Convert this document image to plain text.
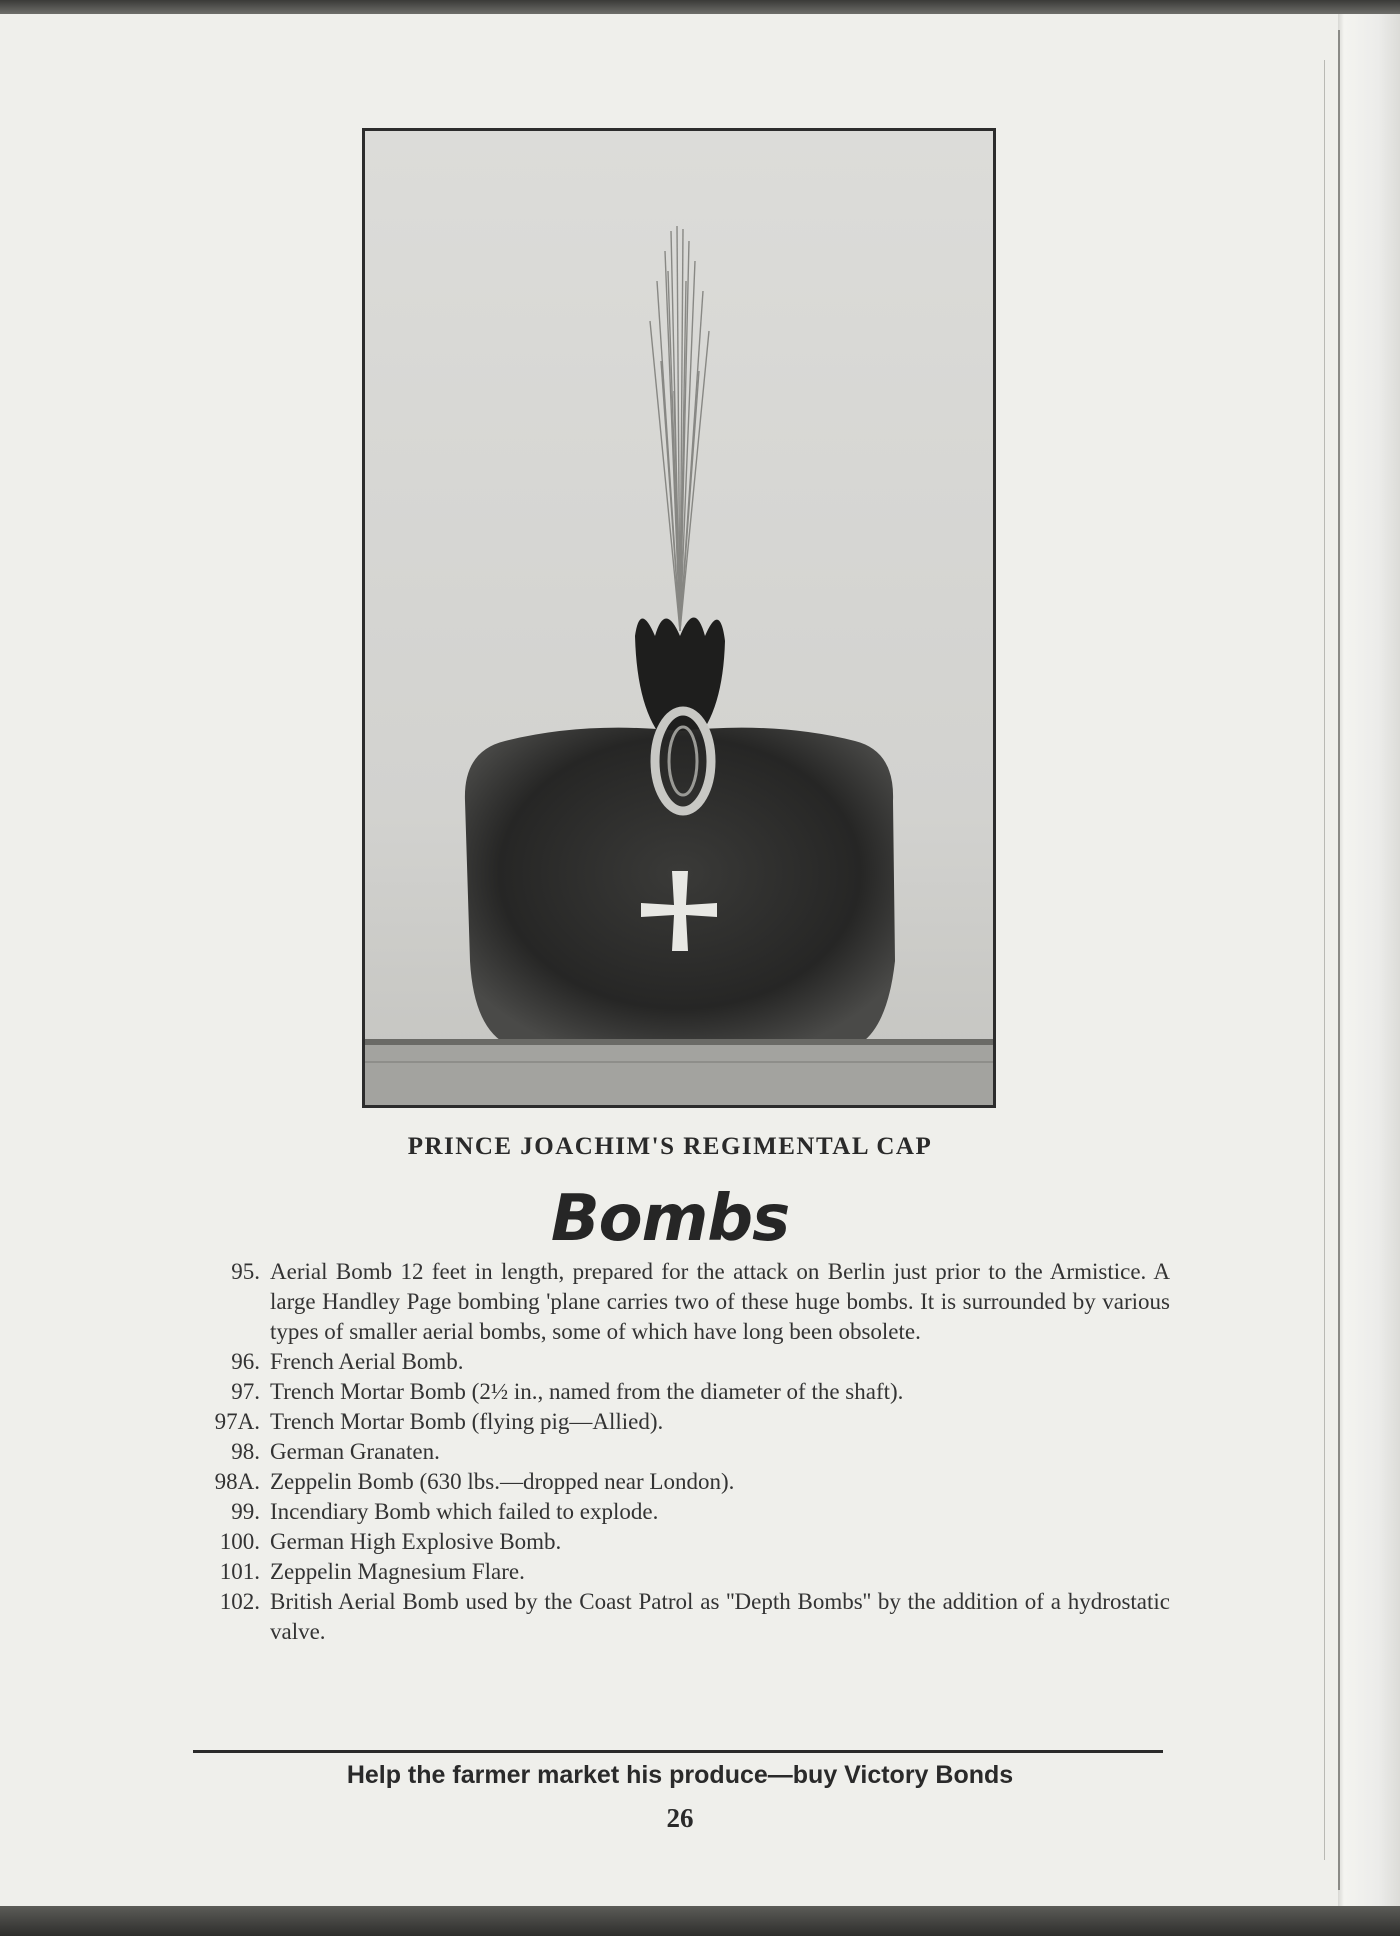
PRINCE JOACHIM'S REGIMENTAL CAP
Bombs
95. Aerial Bomb 12 feet in length, prepared for the attack on Berlin just prior to the Armistice. A large Handley Page bombing 'plane carries two of these huge bombs. It is surrounded by various types of smaller aerial bombs, some of which have long been obsolete.
96. French Aerial Bomb.
97. Trench Mortar Bomb (2½ in., named from the diameter of the shaft).
97A. Trench Mortar Bomb (flying pig—Allied).
98. German Granaten.
98A. Zeppelin Bomb (630 lbs.—dropped near London).
99. Incendiary Bomb which failed to explode.
100. German High Explosive Bomb.
101. Zeppelin Magnesium Flare.
102. British Aerial Bomb used by the Coast Patrol as ''Depth Bombs'' by the addition of a hydrostatic valve.
Help the farmer market his produce—buy Victory Bonds
26
